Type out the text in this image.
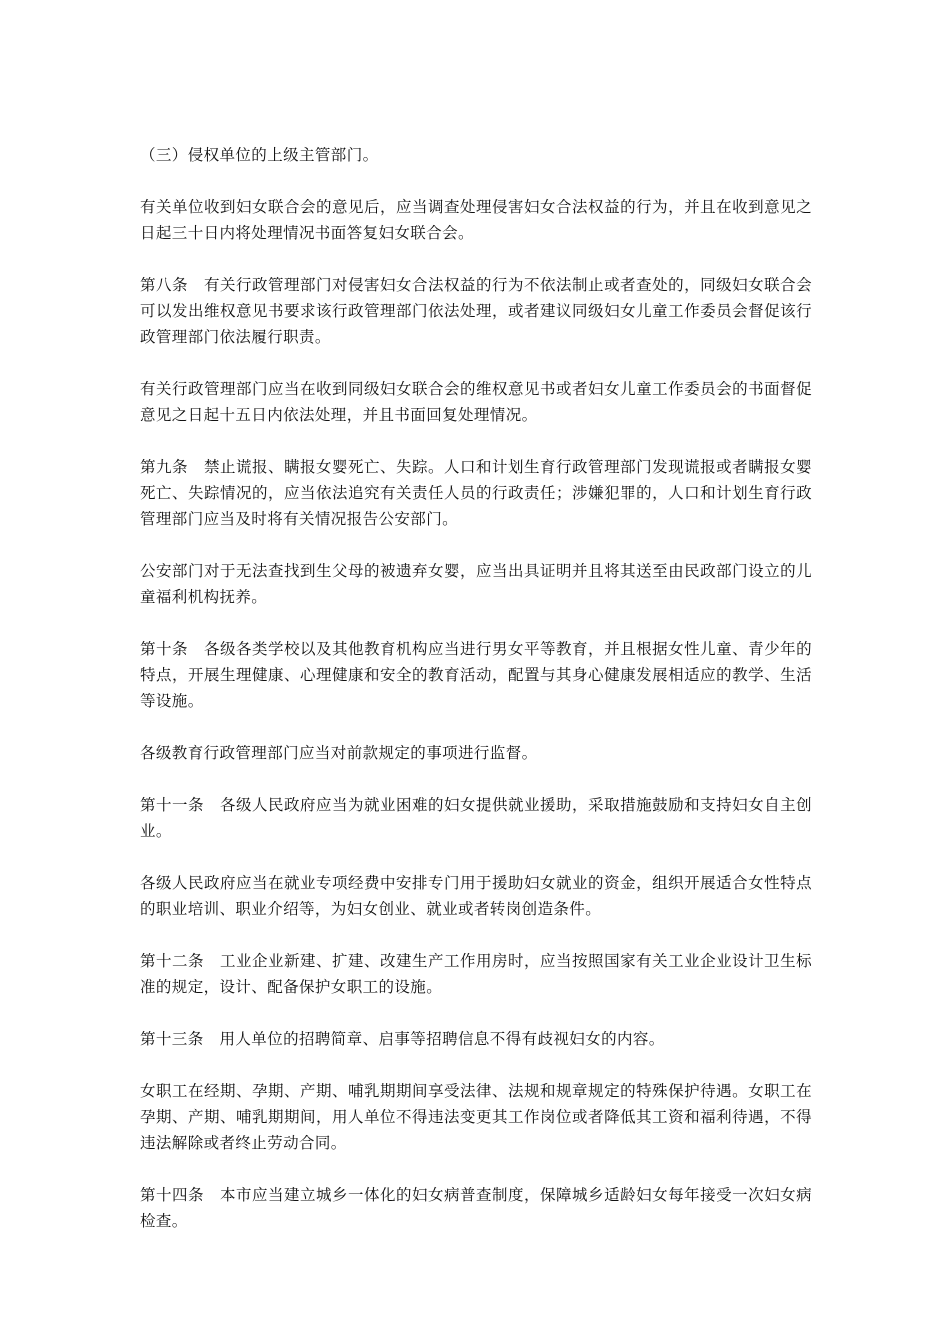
（三）侵权单位的上级主管部门。

有关单位收到妇女联合会的意见后，应当调查处理侵害妇女合法权益的行为，并且在收到意见之日起三十日内将处理情况书面答复妇女联合会。

第八条　有关行政管理部门对侵害妇女合法权益的行为不依法制止或者查处的，同级妇女联合会可以发出维权意见书要求该行政管理部门依法处理，或者建议同级妇女儿童工作委员会督促该行政管理部门依法履行职责。

有关行政管理部门应当在收到同级妇女联合会的维权意见书或者妇女儿童工作委员会的书面督促意见之日起十五日内依法处理，并且书面回复处理情况。

第九条　禁止谎报、瞒报女婴死亡、失踪。人口和计划生育行政管理部门发现谎报或者瞒报女婴死亡、失踪情况的，应当依法追究有关责任人员的行政责任；涉嫌犯罪的，人口和计划生育行政管理部门应当及时将有关情况报告公安部门。

公安部门对于无法查找到生父母的被遗弃女婴，应当出具证明并且将其送至由民政部门设立的儿童福利机构抚养。

第十条　各级各类学校以及其他教育机构应当进行男女平等教育，并且根据女性儿童、青少年的特点，开展生理健康、心理健康和安全的教育活动，配置与其身心健康发展相适应的教学、生活等设施。

各级教育行政管理部门应当对前款规定的事项进行监督。

第十一条　各级人民政府应当为就业困难的妇女提供就业援助，采取措施鼓励和支持妇女自主创业。

各级人民政府应当在就业专项经费中安排专门用于援助妇女就业的资金，组织开展适合女性特点的职业培训、职业介绍等，为妇女创业、就业或者转岗创造条件。

第十二条　工业企业新建、扩建、改建生产工作用房时，应当按照国家有关工业企业设计卫生标准的规定，设计、配备保护女职工的设施。

第十三条　用人单位的招聘简章、启事等招聘信息不得有歧视妇女的内容。

女职工在经期、孕期、产期、哺乳期期间享受法律、法规和规章规定的特殊保护待遇。女职工在孕期、产期、哺乳期期间，用人单位不得违法变更其工作岗位或者降低其工资和福利待遇，不得违法解除或者终止劳动合同。

第十四条　本市应当建立城乡一体化的妇女病普查制度，保障城乡适龄妇女每年接受一次妇女病检查。
